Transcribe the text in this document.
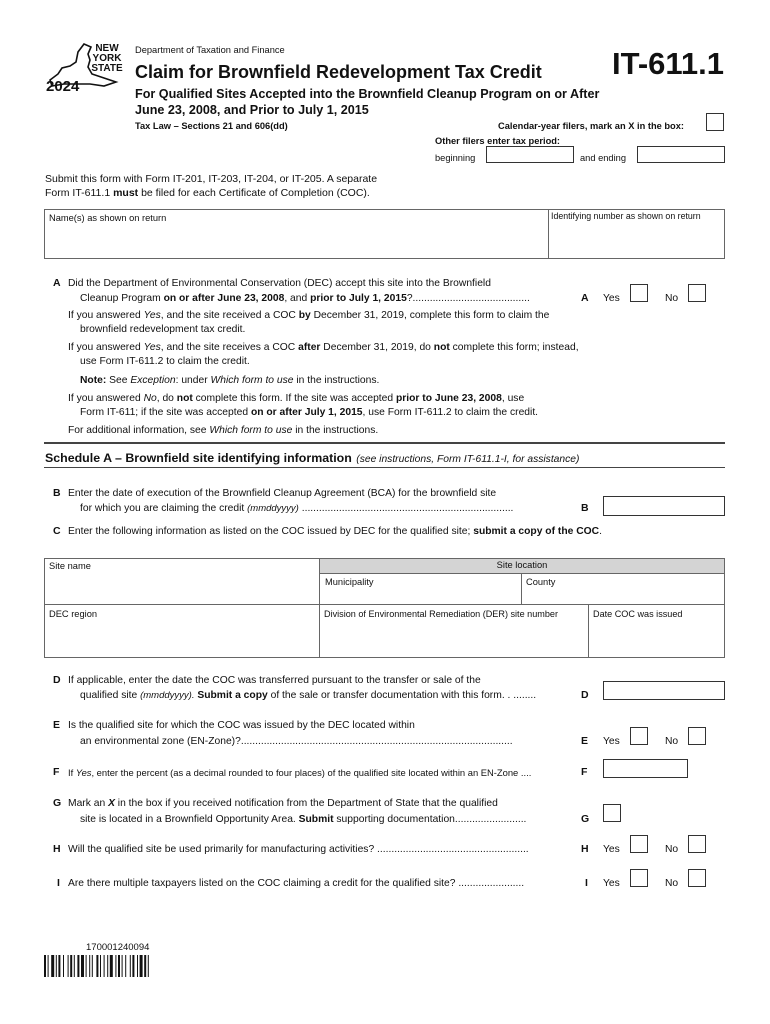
NEW
YORK
STATE
2024
Department of Taxation and Finance
Claim for Brownfield Redevelopment Tax Credit IT-611.1
For Qualified Sites Accepted into the Brownfield Cleanup Program on or After
June 23, 2008, and Prior to July 1, 2015
Tax Law – Sections 21 and 606(dd)	Calendar-year filers, mark an X in the box:
Other filers enter tax period:
beginning	and ending
Submit this form with Form IT-201, IT-203, IT-204, or IT-205. A separate
Form IT-611.1 must be filed for each Certificate of Completion (COC).
Name(s) as shown on return	Identifying number as shown on return
A Did the Department of Environmental Conservation (DEC) accept this site into the Brownfield
Cleanup Program on or after June 23, 2008, and prior to July 1, 2015?.........................................	A Yes	No
If you answered Yes, and the site received a COC by December 31, 2019, complete this form to claim the
brownfield redevelopment tax credit.
If you answered Yes, and the site receives a COC after December 31, 2019, do not complete this form; instead,
use Form IT-611.2 to claim the credit.
Note: See Exception: under Which form to use in the instructions.
If you answered No, do not complete this form. If the site was accepted prior to June 23, 2008, use
Form IT-611; if the site was accepted on or after July 1, 2015, use Form IT-611.2 to claim the credit.
For additional information, see Which form to use in the instructions.
Schedule A – Brownfield site identifying information (see instructions, Form IT-611.1-I, for assistance)
B Enter the date of execution of the Brownfield Cleanup Agreement (BCA) for the brownfield site
for which you are claiming the credit (mmddyyyy) ..........................................................................	B
C Enter the following information as listed on the COC issued by DEC for the qualified site; submit a copy of the COC.
Site name	Site location
Municipality	County
DEC region	Division of Environmental Remediation (DER) site number	Date COC was issued
D If applicable, enter the date the COC was transferred pursuant to the transfer or sale of the
qualified site (mmddyyyy). Submit a copy of the sale or transfer documentation with this form. . ........	D
E Is the qualified site for which the COC was issued by the DEC located within
an environmental zone (EN-Zone)?...............................................................................................	E Yes	No
F If Yes, enter the percent (as a decimal rounded to four places) of the qualified site located within an EN-Zone ....	F
G Mark an X in the box if you received notification from the Department of State that the qualified
site is located in a Brownfield Opportunity Area. Submit supporting documentation.........................	G
H Will the qualified site be used primarily for manufacturing activities? .....................................................	H Yes	No
I Are there multiple taxpayers listed on the COC claiming a credit for the qualified site? .......................	I Yes	No
170001240094
